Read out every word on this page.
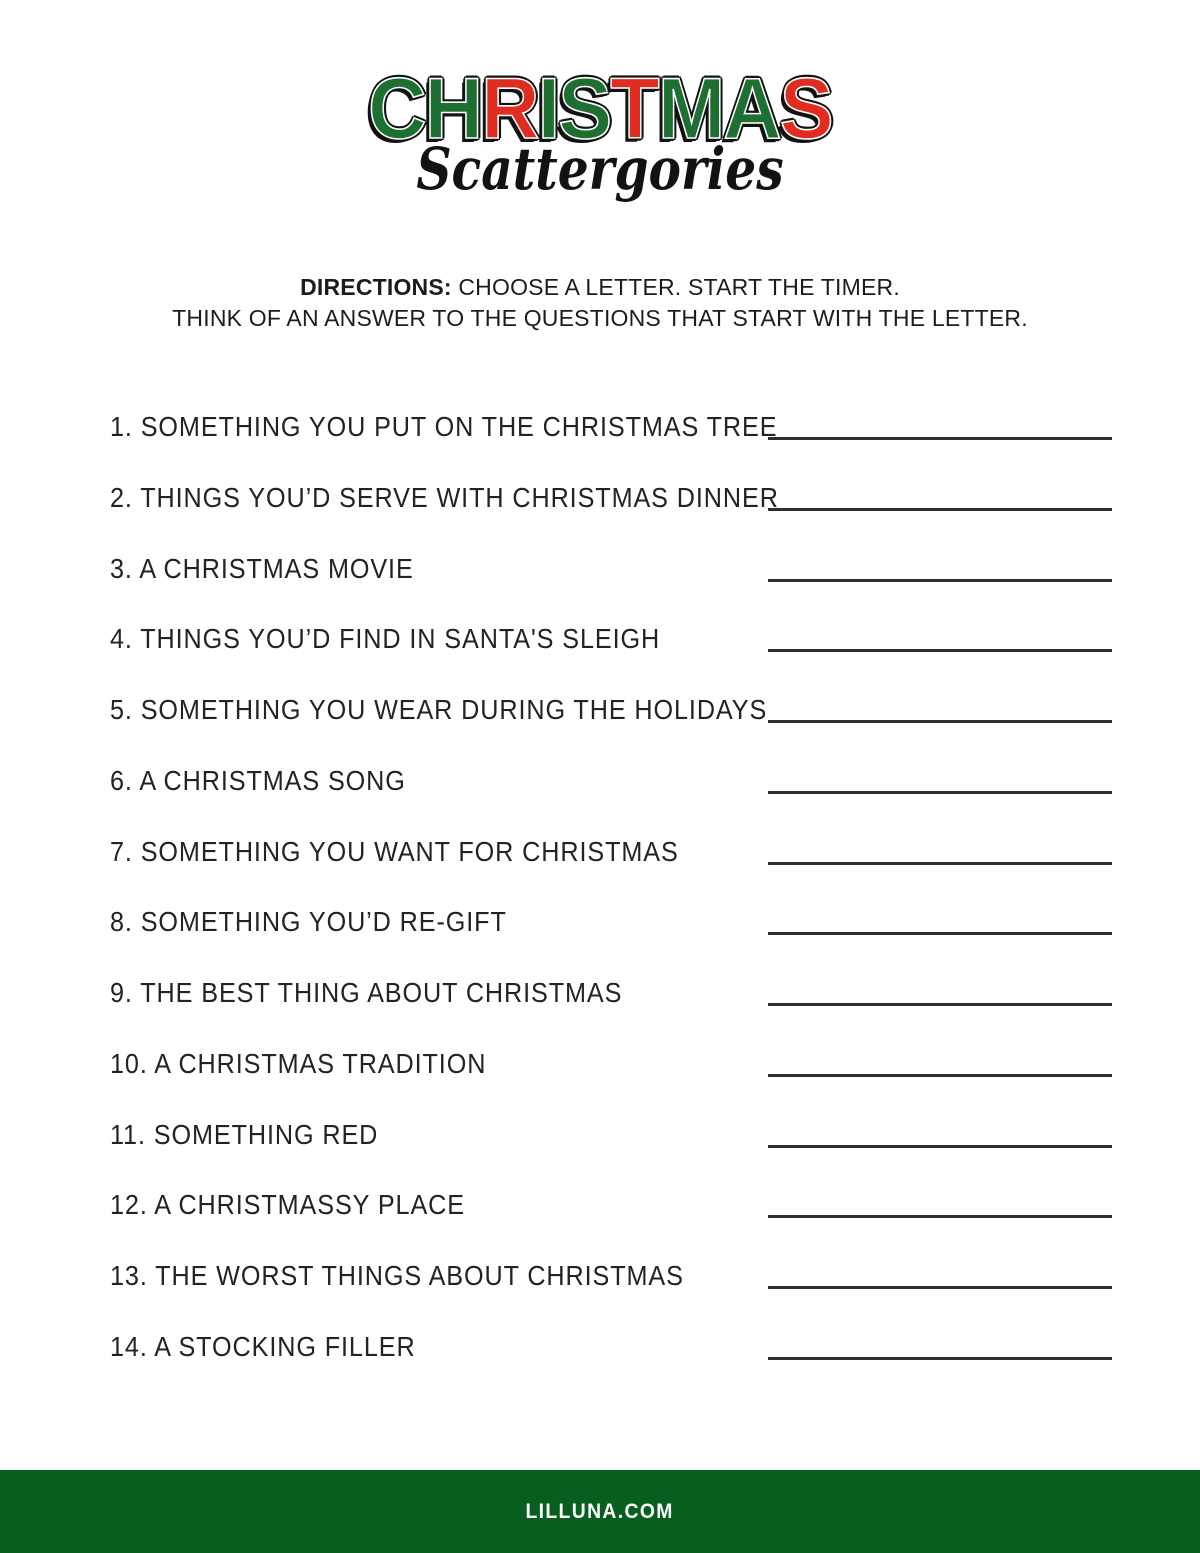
CHRISTMAS
Scattergories
DIRECTIONS: CHOOSE A LETTER. START THE TIMER.
THINK OF AN ANSWER TO THE QUESTIONS THAT START WITH THE LETTER.
1. SOMETHING YOU PUT ON THE CHRISTMAS TREE
2. THINGS YOU’D SERVE WITH CHRISTMAS DINNER
3. A CHRISTMAS MOVIE
4. THINGS YOU’D FIND IN SANTA'S SLEIGH
5. SOMETHING YOU WEAR DURING THE HOLIDAYS
6. A CHRISTMAS SONG
7. SOMETHING YOU WANT FOR CHRISTMAS
8. SOMETHING YOU’D RE-GIFT
9. THE BEST THING ABOUT CHRISTMAS
10. A CHRISTMAS TRADITION
11. SOMETHING RED
12. A CHRISTMASSY PLACE
13. THE WORST THINGS ABOUT CHRISTMAS
14. A STOCKING FILLER
LILLUNA.COM
